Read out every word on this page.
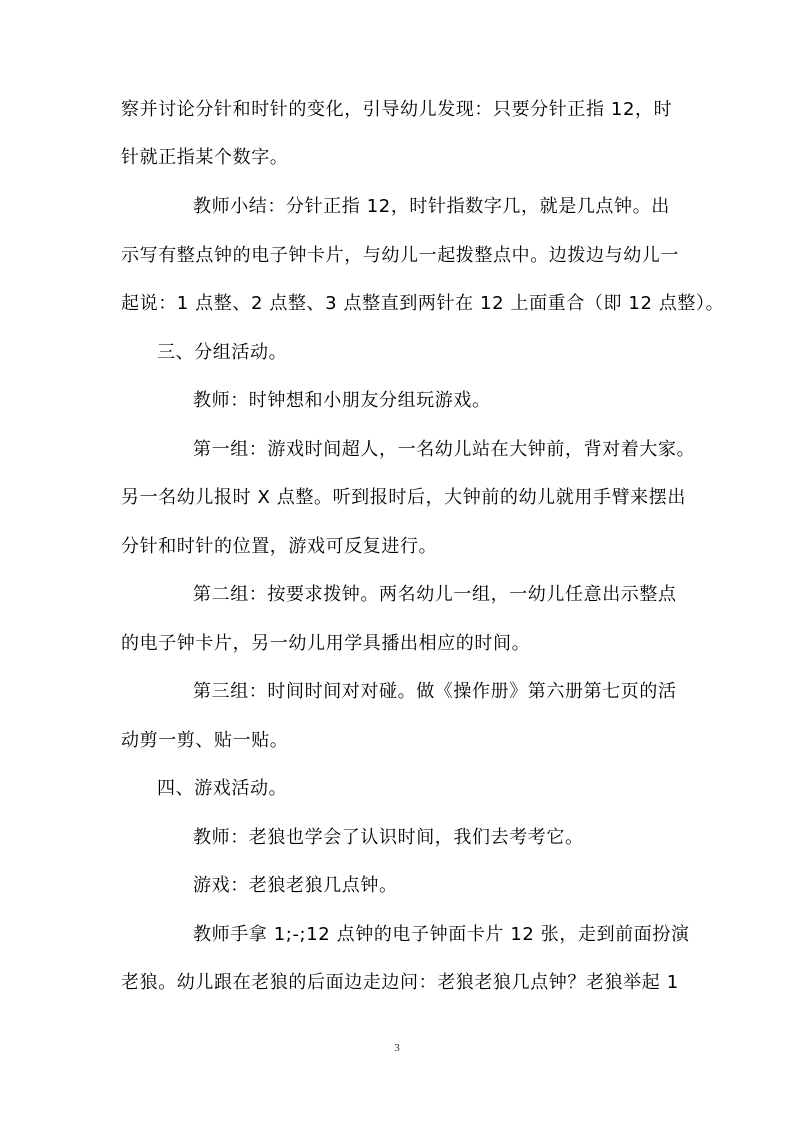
察并讨论分针和时针的变化，引导幼儿发现：只要分针正指 12，时
针就正指某个数字。
教师小结：分针正指 12，时针指数字几，就是几点钟。出
示写有整点钟的电子钟卡片，与幼儿一起拨整点中。边拨边与幼儿一
起说：1 点整、2 点整、3 点整直到两针在 12 上面重合（即 12 点整）。
三、分组活动。
教师：时钟想和小朋友分组玩游戏。
第一组：游戏时间超人，一名幼儿站在大钟前，背对着大家。
另一名幼儿报时 X 点整。听到报时后，大钟前的幼儿就用手臂来摆出
分针和时针的位置，游戏可反复进行。
第二组：按要求拨钟。两名幼儿一组，一幼儿任意出示整点
的电子钟卡片，另一幼儿用学具播出相应的时间。
第三组：时间时间对对碰。做《操作册》第六册第七页的活
动剪一剪、贴一贴。
四、游戏活动。
教师：老狼也学会了认识时间，我们去考考它。
游戏：老狼老狼几点钟。
教师手拿 1;-;12 点钟的电子钟面卡片 12 张，走到前面扮演
老狼。幼儿跟在老狼的后面边走边问：老狼老狼几点钟？老狼举起 1
3
